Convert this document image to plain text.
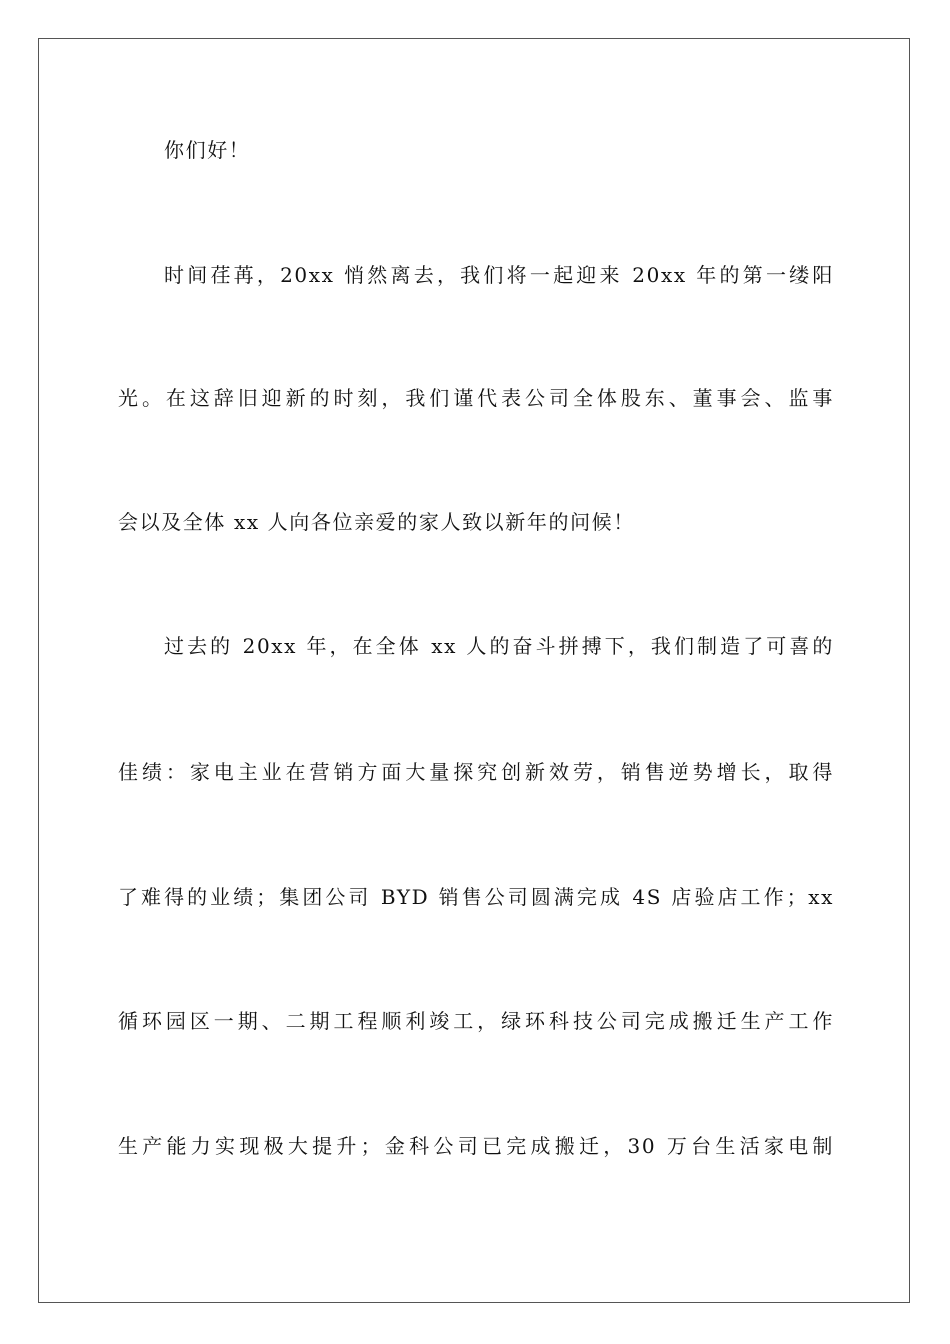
你们好！
时间荏苒，20xx 悄然离去，我们将一起迎来 20xx 年的第一缕阳
光。在这辞旧迎新的时刻，我们谨代表公司全体股东、董事会、监事
会以及全体 xx 人向各位亲爱的家人致以新年的问候！
过去的 20xx 年，在全体 xx 人的奋斗拼搏下，我们制造了可喜的
佳绩：家电主业在营销方面大量探究创新效劳，销售逆势增长，取得
了难得的业绩；集团公司 BYD 销售公司圆满完成 4S 店验店工作；xx
循环园区一期、二期工程顺利竣工，绿环科技公司完成搬迁生产工作
生产能力实现极大提升；金科公司已完成搬迁，30 万台生活家电制
